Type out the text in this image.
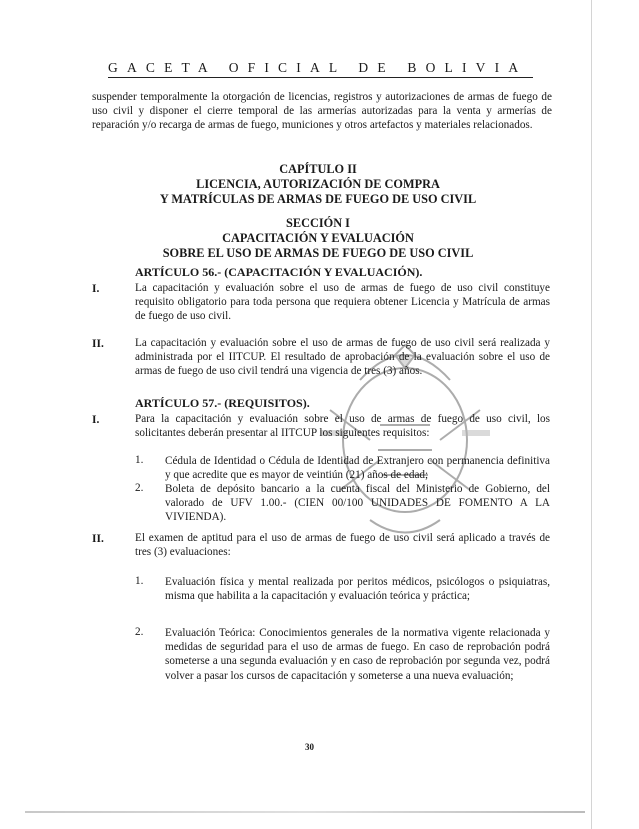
GACETA OFICIAL DE BOLIVIA
suspender temporalmente la otorgación de licencias, registros y autorizaciones de armas de fuego de uso civil y disponer el cierre temporal de las armerías autorizadas para la venta y armerías de reparación y/o recarga de armas de fuego, municiones y otros artefactos y materiales relacionados.
CAPÍTULO II
LICENCIA, AUTORIZACIÓN DE COMPRA
Y MATRÍCULAS DE ARMAS DE FUEGO DE USO CIVIL
SECCIÓN I
CAPACITACIÓN Y EVALUACIÓN
SOBRE EL USO DE ARMAS DE FUEGO DE USO CIVIL
ARTÍCULO 56.- (CAPACITACIÓN Y EVALUACIÓN).
I.	La capacitación y evaluación sobre el uso de armas de fuego de uso civil constituye requisito obligatorio para toda persona que requiera obtener Licencia y Matrícula de armas de fuego de uso civil.
II.	La capacitación y evaluación sobre el uso de armas de fuego de uso civil será realizada y administrada por el IITCUP. El resultado de aprobación de la evaluación sobre el uso de armas de fuego de uso civil tendrá una vigencia de tres (3) años.
ARTÍCULO 57.- (REQUISITOS).
I.	Para la capacitación y evaluación sobre el uso de armas de fuego de uso civil, los solicitantes deberán presentar al IITCUP los siguientes requisitos:
1. Cédula de Identidad o Cédula de Identidad de Extranjero con permanencia definitiva y que acredite que es mayor de veintiún (21) años de edad;
2. Boleta de depósito bancario a la cuenta fiscal del Ministerio de Gobierno, del valorado de UFV 1.00.- (CIEN 00/100 UNIDADES DE FOMENTO A LA VIVIENDA).
II.	El examen de aptitud para el uso de armas de fuego de uso civil será aplicado a través de tres (3) evaluaciones:
1. Evaluación física y mental realizada por peritos médicos, psicólogos o psiquiatras, misma que habilita a la capacitación y evaluación teórica y práctica;
2. Evaluación Teórica: Conocimientos generales de la normativa vigente relacionada y medidas de seguridad para el uso de armas de fuego. En caso de reprobación podrá someterse a una segunda evaluación y en caso de reprobación por segunda vez, podrá volver a pasar los cursos de capacitación y someterse a una nueva evaluación;
30
